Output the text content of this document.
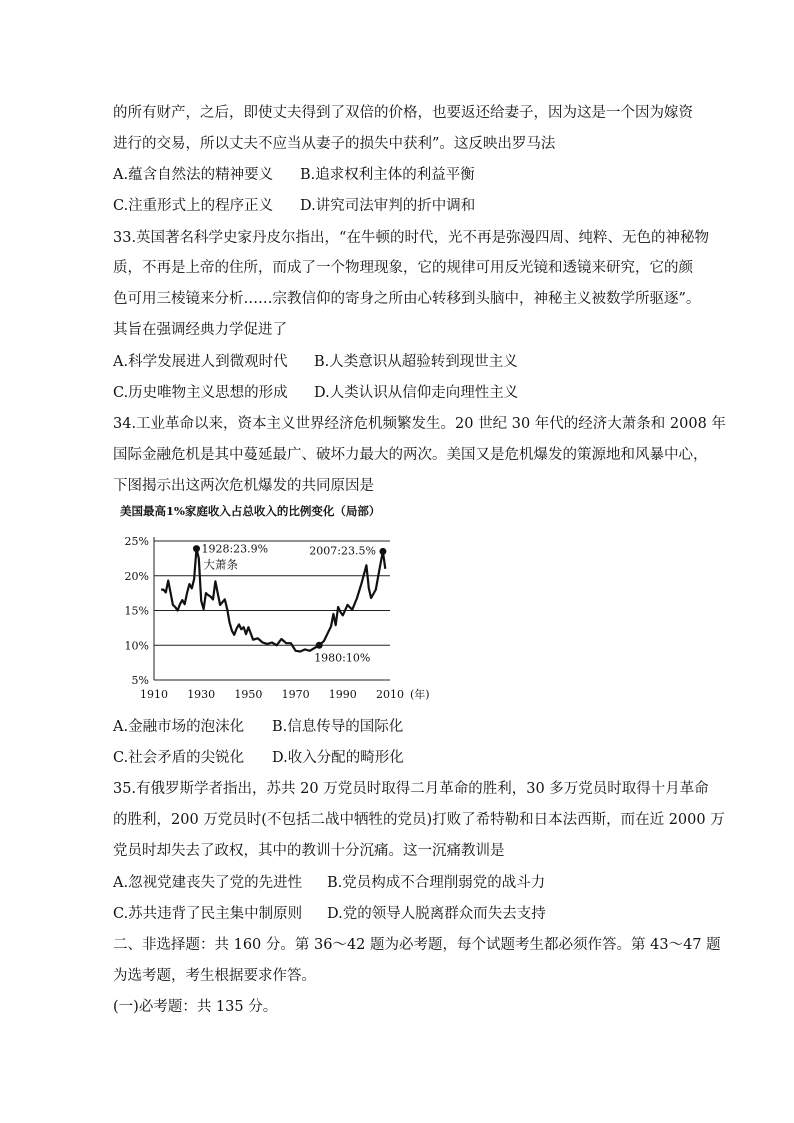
的所有财产，之后，即使丈夫得到了双倍的价格，也要返还给妻子，因为这是一个因为嫁资
进行的交易，所以丈夫不应当从妻子的损失中获利”。这反映出罗马法
A.蕴含自然法的精神要义 B.追求权利主体的利益平衡
C.注重形式上的程序正义 D.讲究司法审判的折中调和
33.英国著名科学史家丹皮尔指出，“在牛顿的时代，光不再是弥漫四周、纯粹、无色的神秘物
质，不再是上帝的住所，而成了一个物理现象，它的规律可用反光镜和透镜来研究，它的颜
色可用三棱镜来分析……宗教信仰的寄身之所由心转移到头脑中，神秘主义被数学所驱逐”。
其旨在强调经典力学促进了
A.科学发展进人到微观时代 B.人类意识从超验转到现世主义
C.历史唯物主义思想的形成 D.人类认识从信仰走向理性主义
34.工业革命以来，资本主义世界经济危机频繁发生。20 世纪 30 年代的经济大萧条和 2008 年
国际金融危机是其中蔓延最广、破坏力最大的两次。美国又是危机爆发的策源地和风暴中心，
下图揭示出这两次危机爆发的共同原因是
美国最高1%家庭收入占总收入的比例变化（局部）
25%
20%
15%
10%
5%
1910 1930 1950 1970 1990 2010 (年)
1928:23.9%
大萧条
2007:23.5%
1980:10%
A.金融市场的泡沫化 B.信息传导的国际化
C.社会矛盾的尖锐化 D.收入分配的畸形化
35.有俄罗斯学者指出，苏共 20 万党员时取得二月革命的胜利，30 多万党员时取得十月革命
的胜利，200 万党员时(不包括二战中牺牲的党员)打败了希特勒和日本法西斯，而在近 2000 万
党员时却失去了政权，其中的教训十分沉痛。这一沉痛教训是
A.忽视党建丧失了党的先进性 B.党员构成不合理削弱党的战斗力
C.苏共违背了民主集中制原则 D.党的领导人脱离群众而失去支持
二、非选择题：共 160 分。第 36～42 题为必考题，每个试题考生都必须作答。第 43～47 题
为选考题，考生根据要求作答。
(一)必考题：共 135 分。
